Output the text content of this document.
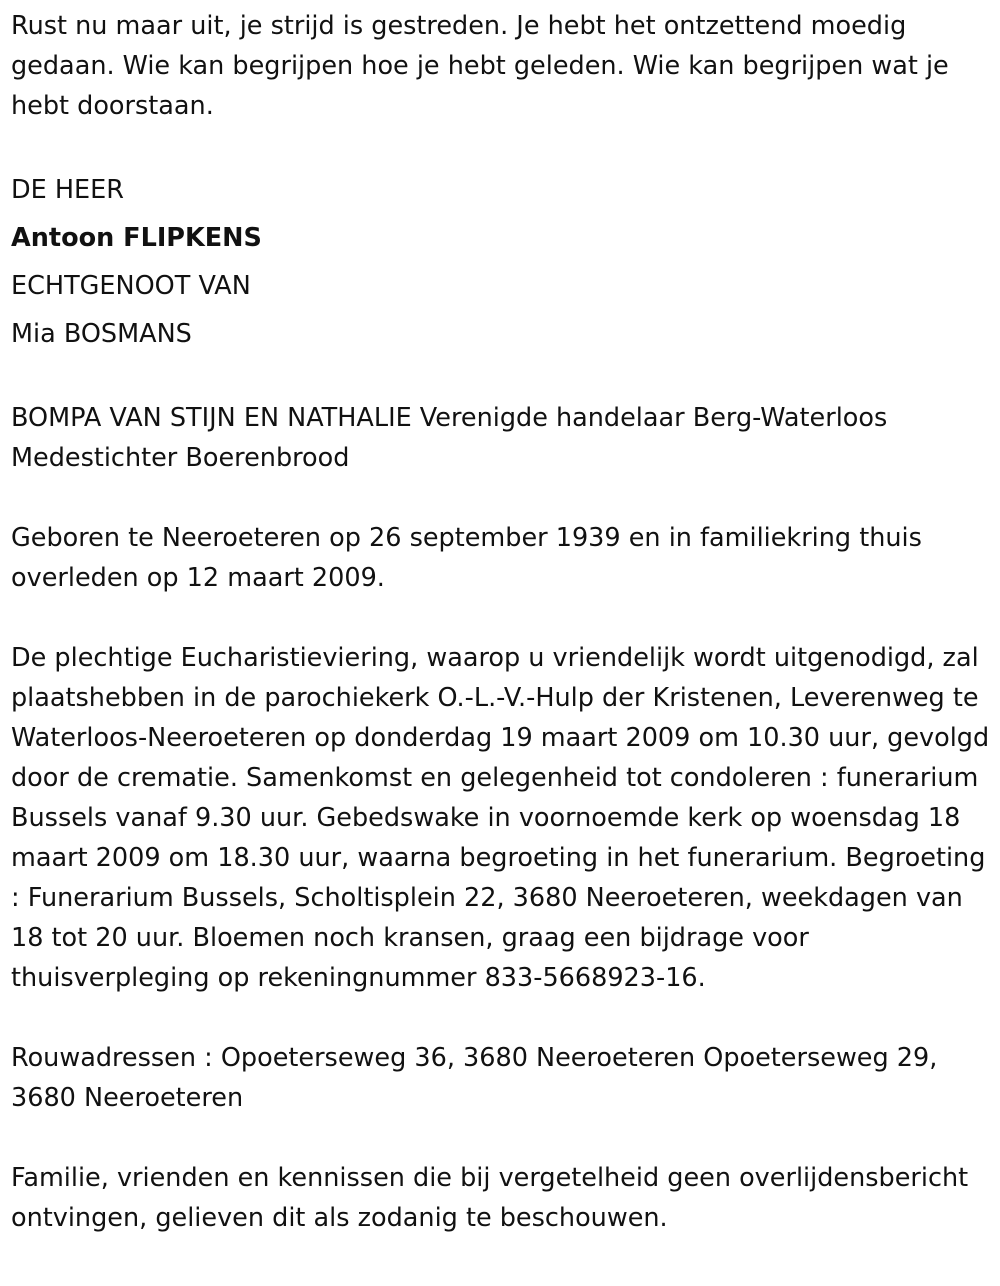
Rust nu maar uit, je strijd is gestreden. Je hebt het ontzettend moedig gedaan. Wie kan begrijpen hoe je hebt geleden. Wie kan begrijpen wat je hebt doorstaan.

DE HEER

Antoon FLIPKENS

ECHTGENOOT VAN

Mia BOSMANS

BOMPA VAN STIJN EN NATHALIE Verenigde handelaar Berg-Waterloos Medestichter Boerenbrood

Geboren te Neeroeteren op 26 september 1939 en in familiekring thuis overleden op 12 maart 2009.

De plechtige Eucharistieviering, waarop u vriendelijk wordt uitgenodigd, zal plaatshebben in de parochiekerk O.-L.-V.-Hulp der Kristenen, Leverenweg te Waterloos-Neeroeteren op donderdag 19 maart 2009 om 10.30 uur, gevolgd door de crematie. Samenkomst en gelegenheid tot condoleren : funerarium Bussels vanaf 9.30 uur. Gebedswake in voornoemde kerk op woensdag 18 maart 2009 om 18.30 uur, waarna begroeting in het funerarium. Begroeting : Funerarium Bussels, Scholtisplein 22, 3680 Neeroeteren, weekdagen van 18 tot 20 uur. Bloemen noch kransen, graag een bijdrage voor thuisverpleging op rekeningnummer 833-5668923-16.

Rouwadressen : Opoeterseweg 36, 3680 Neeroeteren Opoeterseweg 29, 3680 Neeroeteren

Familie, vrienden en kennissen die bij vergetelheid geen overlijdensbericht ontvingen, gelieven dit als zodanig te beschouwen.
